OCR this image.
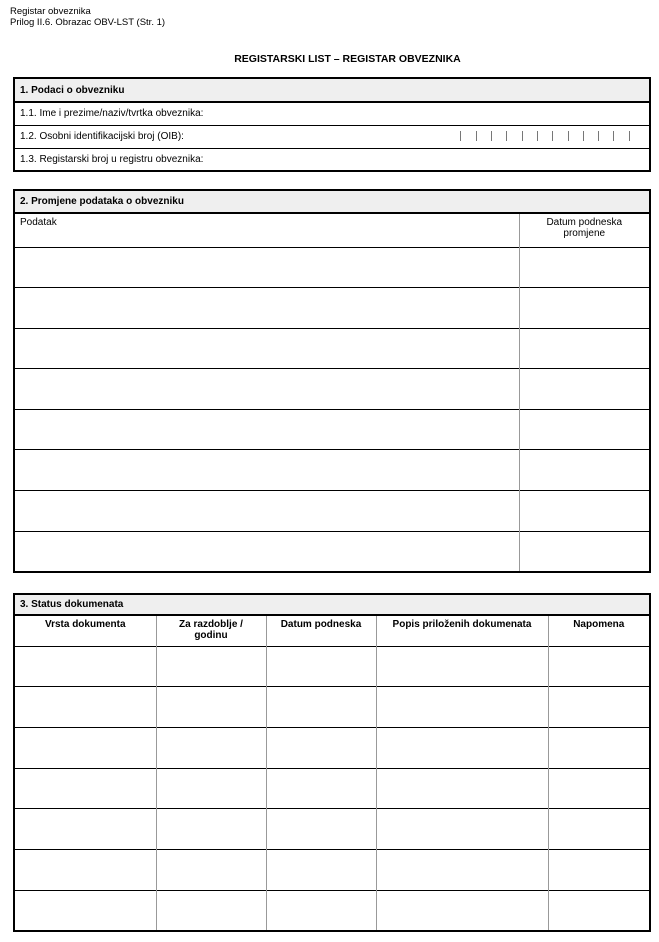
Registar obveznika
Prilog II.6. Obrazac OBV-LST (Str. 1)
REGISTARSKI LIST – REGISTAR OBVEZNIKA
1. Podaci o obvezniku
1.1. Ime i prezime/naziv/tvrtka obveznika:
1.2. Osobni identifikacijski broj (OIB):

1.3. Registarski broj u registru obveznika:
2. Promjene podataka o obvezniku	
Podatak	Datum podneska promjene

3. Status dokumenata				
Vrsta dokumenta	Za razdoblje / godinu	Datum podneska	Popis priloženih dokumenata	Napomena
